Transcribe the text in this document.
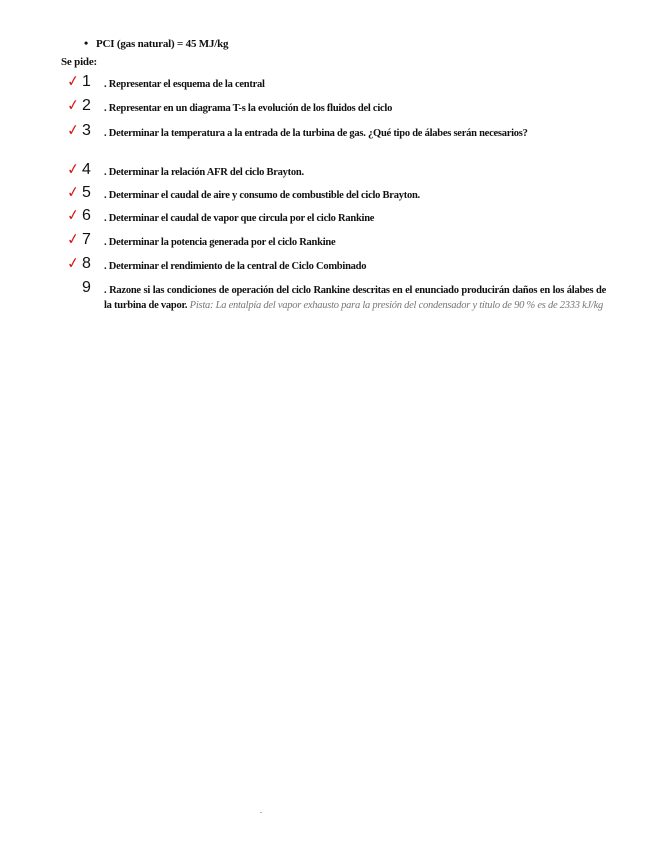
• PCI (gas natural) = 45 MJ/kg
Se pide:
✓ 1 . Representar el esquema de la central
✓ 2 . Representar en un diagrama T-s la evolución de los fluidos del ciclo
✓ 3 . Determinar la temperatura a la entrada de la turbina de gas. ¿Qué tipo de álabes serán necesarios?
✓ 4 . Determinar la relación AFR del ciclo Brayton.
✓ 5 . Determinar el caudal de aire y consumo de combustible del ciclo Brayton.
✓ 6 . Determinar el caudal de vapor que circula por el ciclo Rankine
✓ 7 . Determinar la potencia generada por el ciclo Rankine
✓ 8 . Determinar el rendimiento de la central de Ciclo Combinado
9 . Razone si las condiciones de operación del ciclo Rankine descritas en el enunciado producirán daños en los álabes de la turbina de vapor. Pista: La entalpía del vapor exhausto para la presión del condensador y título de 90 % es de 2333 kJ/kg
.
